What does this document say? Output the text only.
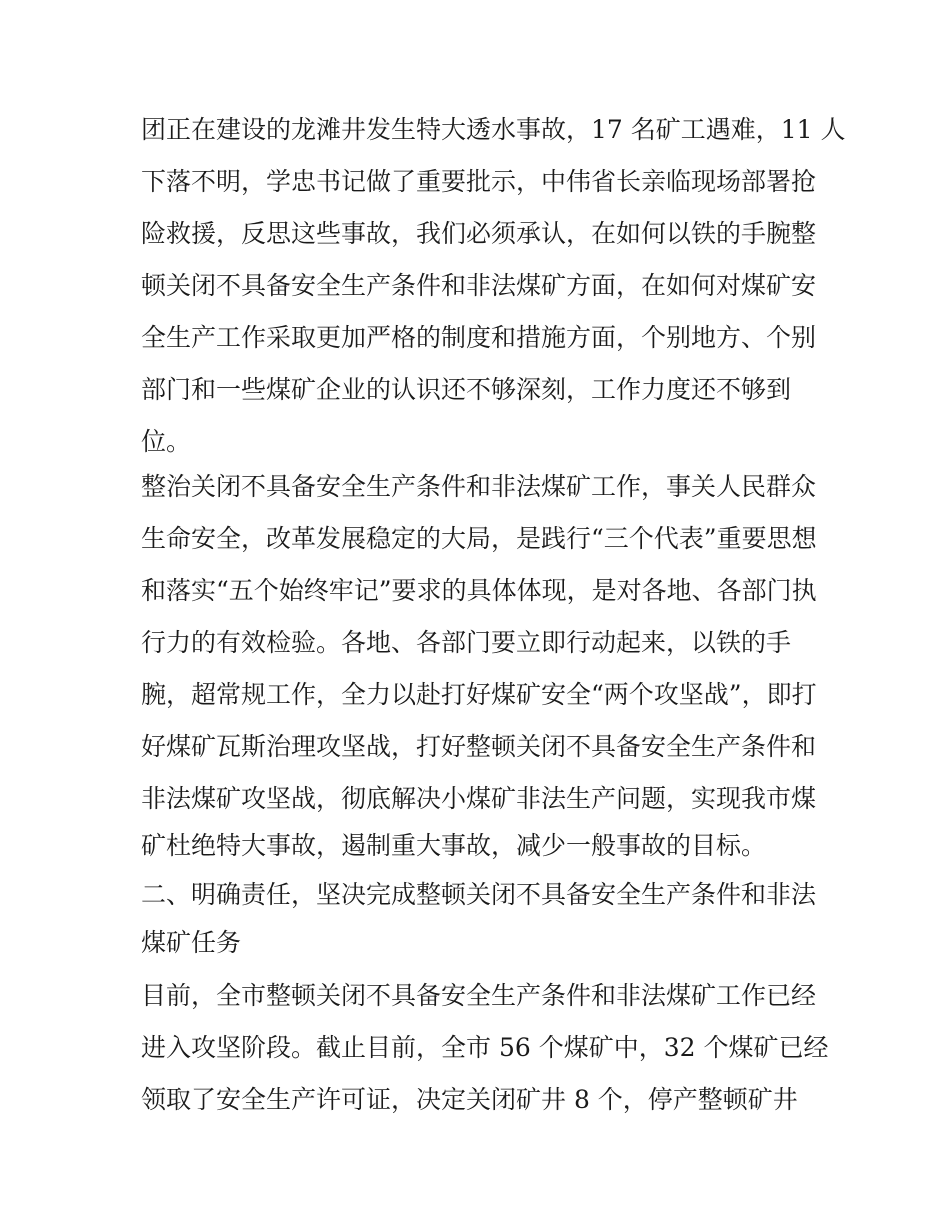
团正在建设的龙滩井发生特大透水事故，17 名矿工遇难，11 人
下落不明，学忠书记做了重要批示，中伟省长亲临现场部署抢
险救援，反思这些事故，我们必须承认，在如何以铁的手腕整
顿关闭不具备安全生产条件和非法煤矿方面，在如何对煤矿安
全生产工作采取更加严格的制度和措施方面，个别地方、个别
部门和一些煤矿企业的认识还不够深刻，工作力度还不够到
位。
整治关闭不具备安全生产条件和非法煤矿工作，事关人民群众
生命安全，改革发展稳定的大局，是践行“三个代表”重要思想
和落实“五个始终牢记”要求的具体体现，是对各地、各部门执
行力的有效检验。各地、各部门要立即行动起来，以铁的手
腕，超常规工作，全力以赴打好煤矿安全“两个攻坚战”，即打
好煤矿瓦斯治理攻坚战，打好整顿关闭不具备安全生产条件和
非法煤矿攻坚战，彻底解决小煤矿非法生产问题，实现我市煤
矿杜绝特大事故，遏制重大事故，减少一般事故的目标。
二、明确责任，坚决完成整顿关闭不具备安全生产条件和非法
煤矿任务
目前，全市整顿关闭不具备安全生产条件和非法煤矿工作已经
进入攻坚阶段。截止目前，全市 56 个煤矿中，32 个煤矿已经
领取了安全生产许可证，决定关闭矿井 8 个，停产整顿矿井
